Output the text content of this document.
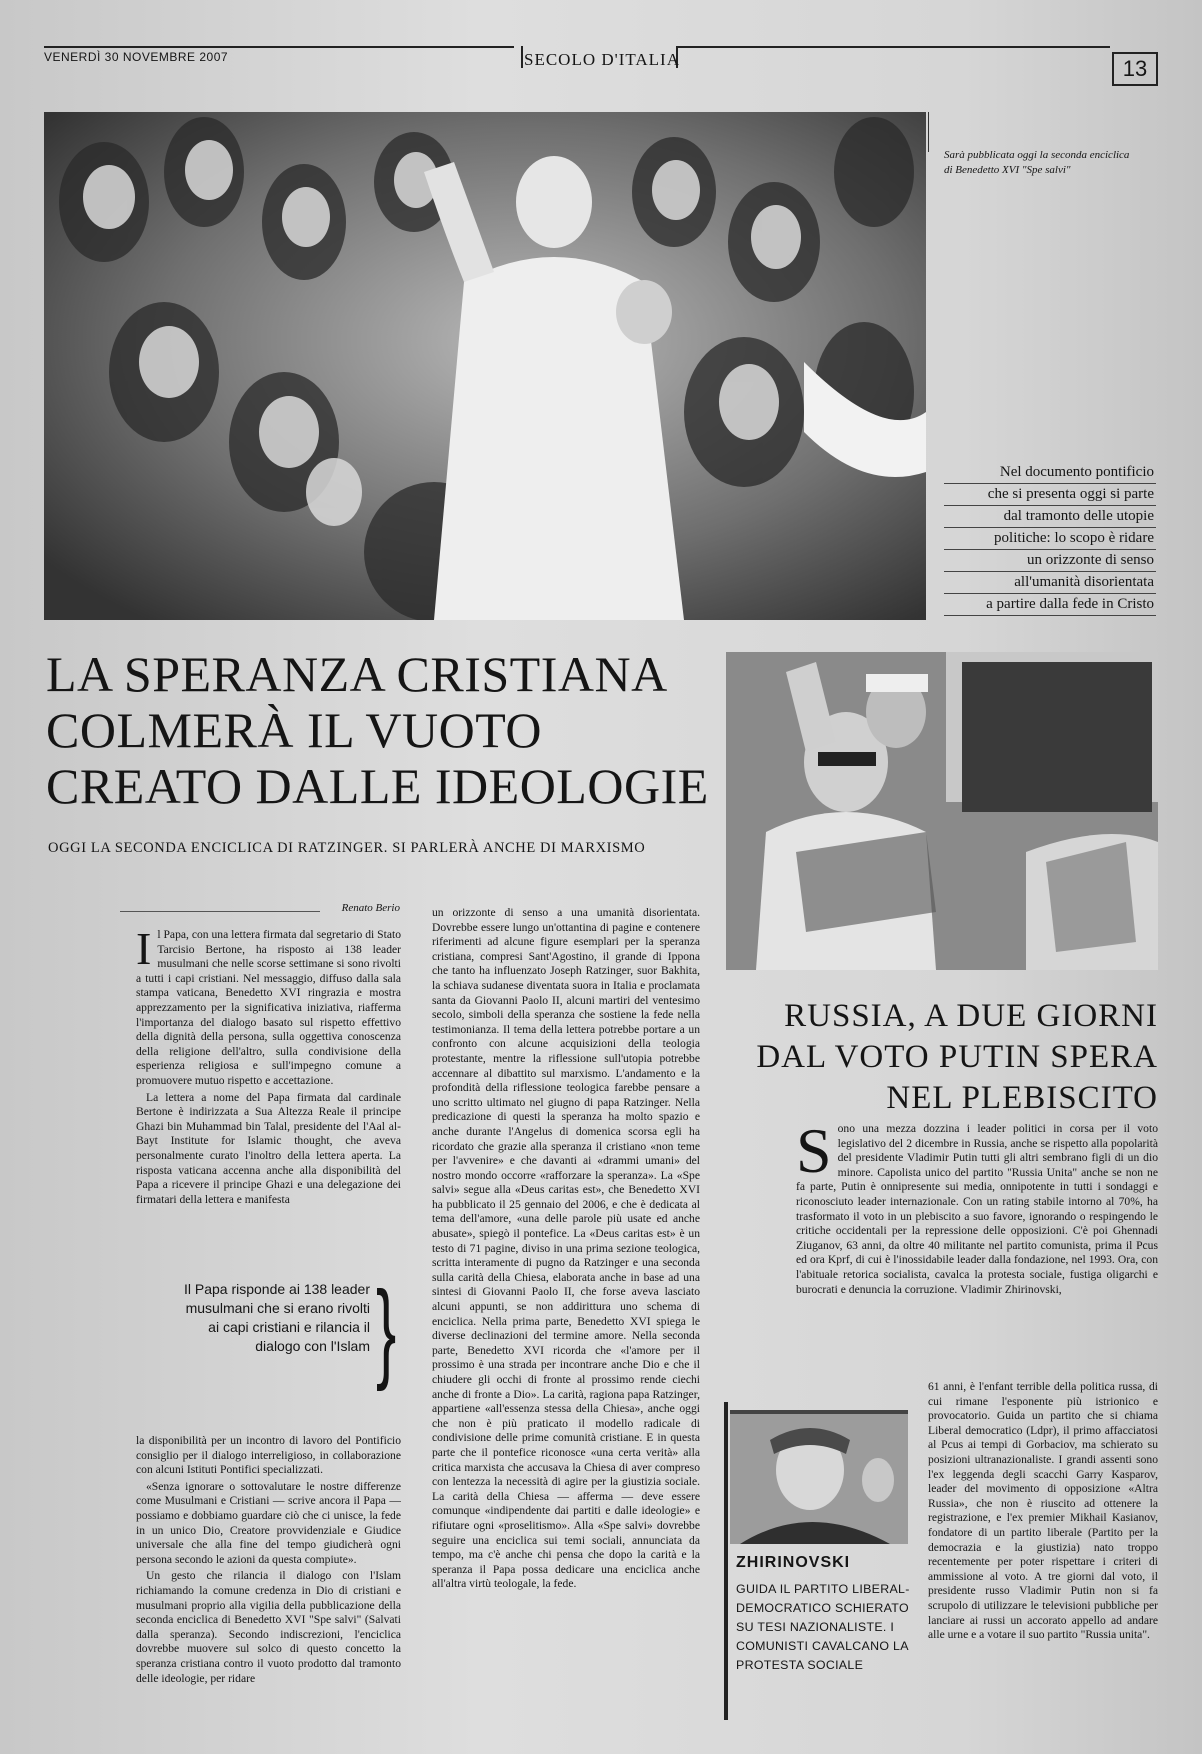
VENERDÌ 30 NOVEMBRE 2007	SECOLO D'ITALIA	13
Sarà pubblicata oggi la seconda enciclica di Benedetto XVI "Spe salvi"
Nel documento pontificio
che si presenta oggi si parte
dal tramonto delle utopie
politiche: lo scopo è ridare
un orizzonte di senso
all'umanità disorientata
a partire dalla fede in Cristo
LA SPERANZA CRISTIANA
COLMERÀ IL VUOTO
CREATO DALLE IDEOLOGIE
OGGI LA SECONDA ENCICLICA DI RATZINGER. SI PARLERÀ ANCHE DI MARXISMO
Renato Berio
I l Papa, con una lettera firmata dal segretario di Stato Tarcisio Bertone, ha risposto ai 138 leader musulmani che nelle scorse settimane si sono rivolti a tutti i capi cristiani. Nel messaggio, diffuso dalla sala stampa vaticana, Benedetto XVI ringrazia e mostra apprezzamento per la significativa iniziativa, riafferma l'importanza del dialogo basato sul rispetto effettivo della dignità della persona, sulla oggettiva conoscenza della religione dell'altro, sulla condivisione della esperienza religiosa e sull'impegno comune a promuovere mutuo rispetto e accettazione.

La lettera a nome del Papa firmata dal cardinale Bertone è indirizzata a Sua Altezza Reale il principe Ghazi bin Muhammad bin Talal, presidente del l'Aal al-Bayt Institute for Islamic thought, che aveva personalmente curato l'inoltro della lettera aperta. La risposta vaticana accenna anche alla disponibilità del Papa a ricevere il principe Ghazi e una delegazione dei firmatari della lettera e manifesta

Il Papa risponde ai 138 leader musulmani che si erano rivolti ai capi cristiani e rilancia il dialogo con l'Islam }

la disponibilità per un incontro di lavoro del Pontificio consiglio per il dialogo interreligioso, in collaborazione con alcuni Istituti Pontifici specializzati.

«Senza ignorare o sottovalutare le nostre differenze come Musulmani e Cristiani — scrive ancora il Papa — possiamo e dobbiamo guardare ciò che ci unisce, la fede in un unico Dio, Creatore provvidenziale e Giudice universale che alla fine del tempo giudicherà ogni persona secondo le azioni da questa compiute».

Un gesto che rilancia il dialogo con l'Islam richiamando la comune credenza in Dio di cristiani e musulmani proprio alla vigilia della pubblicazione della seconda enciclica di Benedetto XVI "Spe salvi" (Salvati dalla speranza). Secondo indiscrezioni, l'enciclica dovrebbe muovere sul solco di questo concetto la speranza cristiana contro il vuoto prodotto dal tramonto delle ideologie, per ridare

un orizzonte di senso a una umanità disorientata. Dovrebbe essere lungo un'ottantina di pagine e contenere riferimenti ad alcune figure esemplari per la speranza cristiana, compresi Sant'Agostino, il grande di Ippona che tanto ha influenzato Joseph Ratzinger, suor Bakhita, la schiava sudanese diventata suora in Italia e proclamata santa da Giovanni Paolo II, alcuni martiri del ventesimo secolo, simboli della speranza che sostiene la fede nella testimonianza. Il tema della lettera potrebbe portare a un confronto con alcune acquisizioni della teologia protestante, mentre la riflessione sull'utopia potrebbe accennare al dibattito sul marxismo. L'andamento e la profondità della riflessione teologica farebbe pensare a uno scritto ultimato nel giugno di papa Ratzinger. Nella predicazione di questi la speranza ha molto spazio e anche durante l'Angelus di domenica scorsa egli ha ricordato che grazie alla speranza il cristiano «non teme per l'avvenire» e che davanti ai «drammi umani» del nostro mondo occorre «rafforzare la speranza». La «Spe salvi» segue alla «Deus caritas est», che Benedetto XVI ha pubblicato il 25 gennaio del 2006, e che è dedicata al tema dell'amore, «una delle parole più usate ed anche abusate», spiegò il pontefice. La «Deus caritas est» è un testo di 71 pagine, diviso in una prima sezione teologica, scritta interamente di pugno da Ratzinger e una seconda sulla carità della Chiesa, elaborata anche in base ad una sintesi di Giovanni Paolo II, che forse aveva lasciato alcuni appunti, se non addirittura uno schema di enciclica. Nella prima parte, Benedetto XVI spiega le diverse declinazioni del termine amore. Nella seconda parte, Benedetto XVI ricorda che «l'amore per il prossimo è una strada per incontrare anche Dio e che il chiudere gli occhi di fronte al prossimo rende ciechi anche di fronte a Dio». La carità, ragiona papa Ratzinger, appartiene «all'essenza stessa della Chiesa», anche oggi che non è più praticato il modello radicale di condivisione delle prime comunità cristiane. E in questa parte che il pontefice riconosce «una certa verità» alla critica marxista che accusava la Chiesa di aver compreso con lentezza la necessità di agire per la giustizia sociale. La carità della Chiesa — afferma — deve essere comunque «indipendente dai partiti e dalle ideologie» e rifiutare ogni «proselitismo». Alla «Spe salvi» dovrebbe seguire una enciclica sui temi sociali, annunciata da tempo, ma c'è anche chi pensa che dopo la carità e la speranza il Papa possa dedicare una enciclica anche all'altra virtù teologale, la fede.

RUSSIA, A DUE GIORNI
DAL VOTO PUTIN SPERA
NEL PLEBISCITO
S ono una mezza dozzina i leader politici in corsa per il voto legislativo del 2 dicembre in Russia, anche se rispetto alla popolarità del presidente Vladimir Putin tutti gli altri sembrano figli di un dio minore. Capolista unico del partito "Russia Unita" anche se non ne fa parte, Putin è onnipresente sui media, onnipotente in tutti i sondaggi e riconosciuto leader internazionale. Con un rating stabile intorno al 70%, ha trasformato il voto in un plebiscito a suo favore, ignorando o respingendo le critiche occidentali per la repressione delle opposizioni. C'è poi Ghennadi Ziuganov, 63 anni, da oltre 40 militante nel partito comunista, prima il Pcus ed ora Kprf, di cui è l'inossidabile leader dalla fondazione, nel 1993. Ora, con l'abituale retorica socialista, cavalca la protesta sociale, fustiga oligarchi e burocrati e denuncia la corruzione. Vladimir Zhirinovski,

61 anni, è l'enfant terrible della politica russa, di cui rimane l'esponente più istrionico e provocatorio. Guida un partito che si chiama Liberal democratico (Ldpr), il primo affacciatosi al Pcus ai tempi di Gorbaciov, ma schierato su posizioni ultranazionaliste. I grandi assenti sono l'ex leggenda degli scacchi Garry Kasparov, leader del movimento di opposizione «Altra Russia», che non è riuscito ad ottenere la registrazione, e l'ex premier Mikhail Kasianov, fondatore di un partito liberale (Partito per la democrazia e la giustizia) nato troppo recentemente per poter rispettare i criteri di ammissione al voto. A tre giorni dal voto, il presidente russo Vladimir Putin non si fa scrupolo di utilizzare le televisioni pubbliche per lanciare ai russi un accorato appello ad andare alle urne e a votare il suo partito "Russia unita".

ZHIRINOVSKI
GUIDA IL PARTITO LIBERAL-DEMOCRATICO SCHIERATO SU TESI NAZIONALISTE. I COMUNISTI CAVALCANO LA PROTESTA SOCIALE
